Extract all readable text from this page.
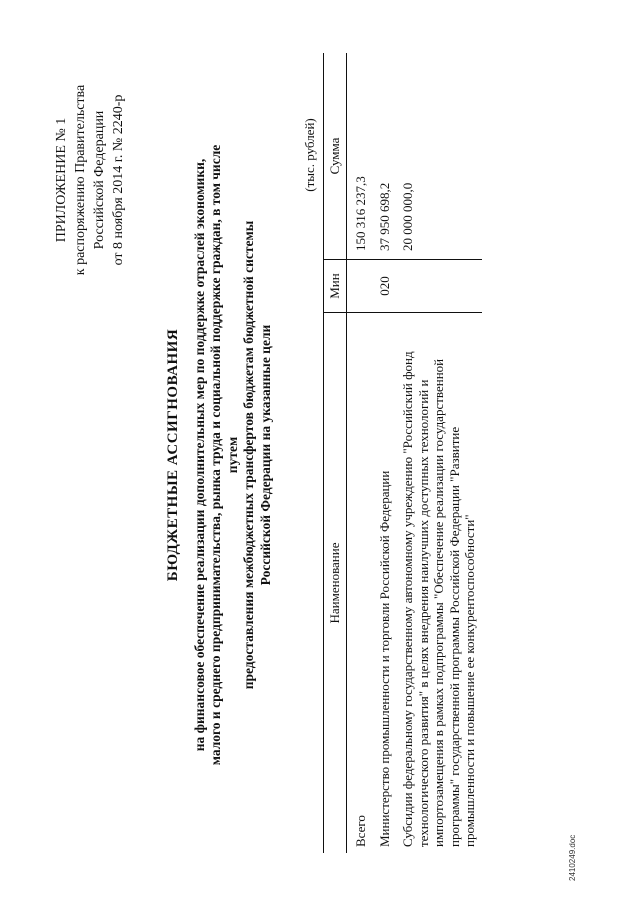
ПРИЛОЖЕНИЕ № 1 к распоряжению Правительства Российской Федерации от 8 ноября 2014 г. № 2240-р
БЮДЖЕТНЫЕ АССИГНОВАНИЯ на финансовое обеспечение реализации дополнительных мер по поддержке отраслей экономики, малого и среднего предпринимательства, рынка труда и социальной поддержке граждан, в том числе путем предоставления межбюджетных трансфертов бюджетам бюджетной системы Российской Федерации на указанные цели
(тыс. рублей)
Наименование	Мин	Сумма
Всего		150 316 237,3
Министерство промышленности и торговли Российской Федерации	020	37 950 698,2

Субсидии федеральному государственному автономному учреждению "Российский фонд технологического развития" в целях внедрения наилучших доступных технологий и импортозамещения в рамках подпрограммы "Обеспечение реализации государственной программы" государственной программы Российской Федерации "Развитие промышленности и повышение ее конкурентоспособности"		20 000 000,0
2410249.doc
